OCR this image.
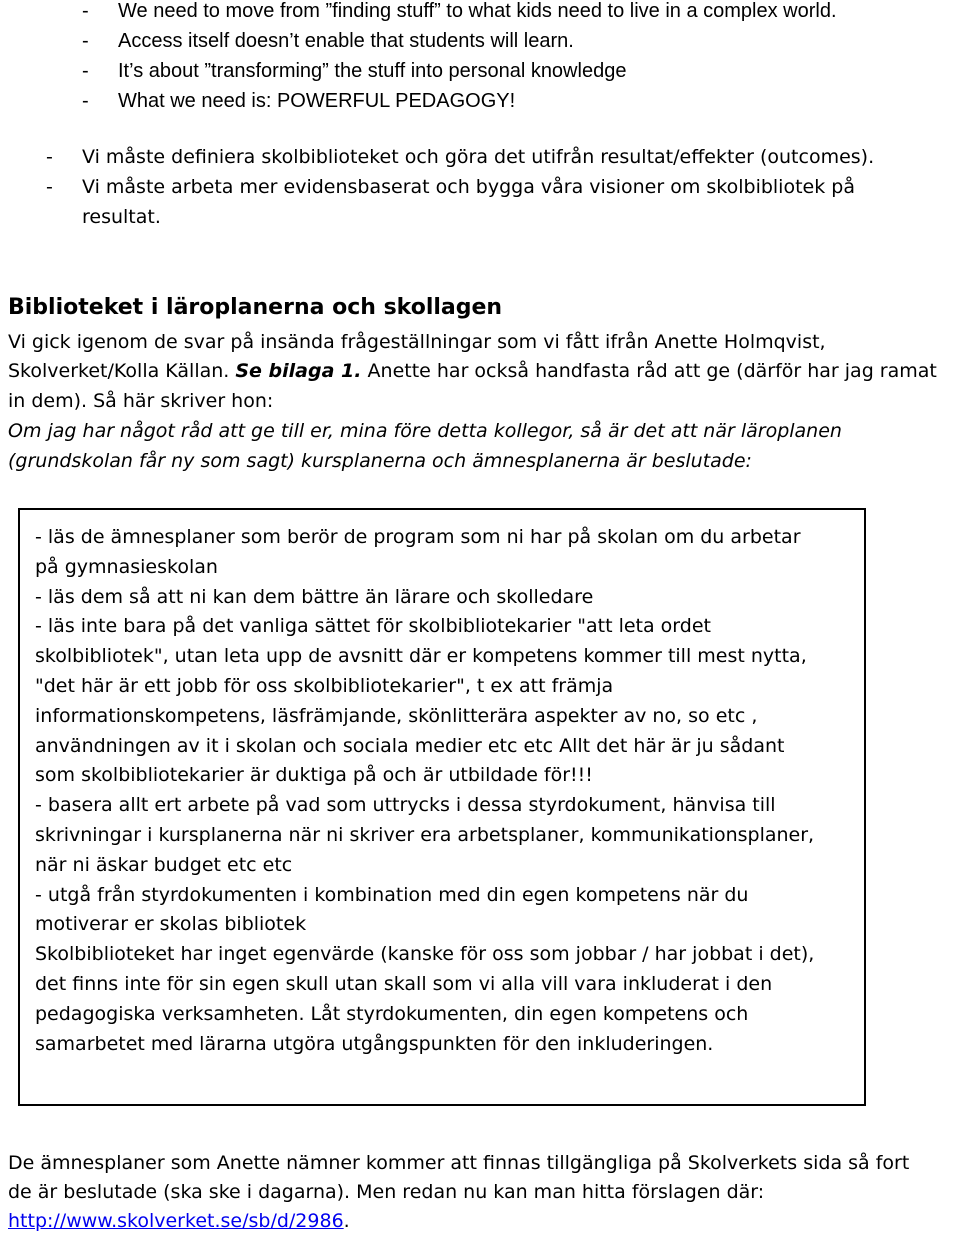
- We need to move from ”finding stuff” to what kids need to live in a complex world.
- Access itself doesn’t enable that students will learn.
- It’s about ”transforming” the stuff into personal knowledge
- What we need is: POWERFUL PEDAGOGY!
- Vi måste definiera skolbiblioteket och göra det utifrån resultat/effekter (outcomes).
- Vi måste arbeta mer evidensbaserat och bygga våra visioner om skolbibliotek på
resultat.
Biblioteket i läroplanerna och skollagen
Vi gick igenom de svar på insända frågeställningar som vi fått ifrån Anette Holmqvist,
Skolverket/Kolla Källan. Se bilaga 1. Anette har också handfasta råd att ge (därför har jag ramat
in dem). Så här skriver hon:
Om jag har något råd att ge till er, mina före detta kollegor, så är det att när läroplanen
(grundskolan får ny som sagt) kursplanerna och ämnesplanerna är beslutade:
- läs de ämnesplaner som berör de program som ni har på skolan om du arbetar
på gymnasieskolan
- läs dem så att ni kan dem bättre än lärare och skolledare
- läs inte bara på det vanliga sättet för skolbibliotekarier "att leta ordet
skolbibliotek", utan leta upp de avsnitt där er kompetens kommer till mest nytta,
"det här är ett jobb för oss skolbibliotekarier", t ex att främja
informationskompetens, läsfrämjande, skönlitterära aspekter av no, so etc ,
användningen av it i skolan och sociala medier etc etc Allt det här är ju sådant
som skolbibliotekarier är duktiga på och är utbildade för!!!
- basera allt ert arbete på vad som uttrycks i dessa styrdokument, hänvisa till
skrivningar i kursplanerna när ni skriver era arbetsplaner, kommunikationsplaner,
när ni äskar budget etc etc
- utgå från styrdokumenten i kombination med din egen kompetens när du
motiverar er skolas bibliotek
Skolbiblioteket har inget egenvärde (kanske för oss som jobbar / har jobbat i det),
det finns inte för sin egen skull utan skall som vi alla vill vara inkluderat i den
pedagogiska verksamheten. Låt styrdokumenten, din egen kompetens och
samarbetet med lärarna utgöra utgångspunkten för den inkluderingen.
De ämnesplaner som Anette nämner kommer att finnas tillgängliga på Skolverkets sida så fort
de är beslutade (ska ske i dagarna). Men redan nu kan man hitta förslagen där:
http://www.skolverket.se/sb/d/2986.
